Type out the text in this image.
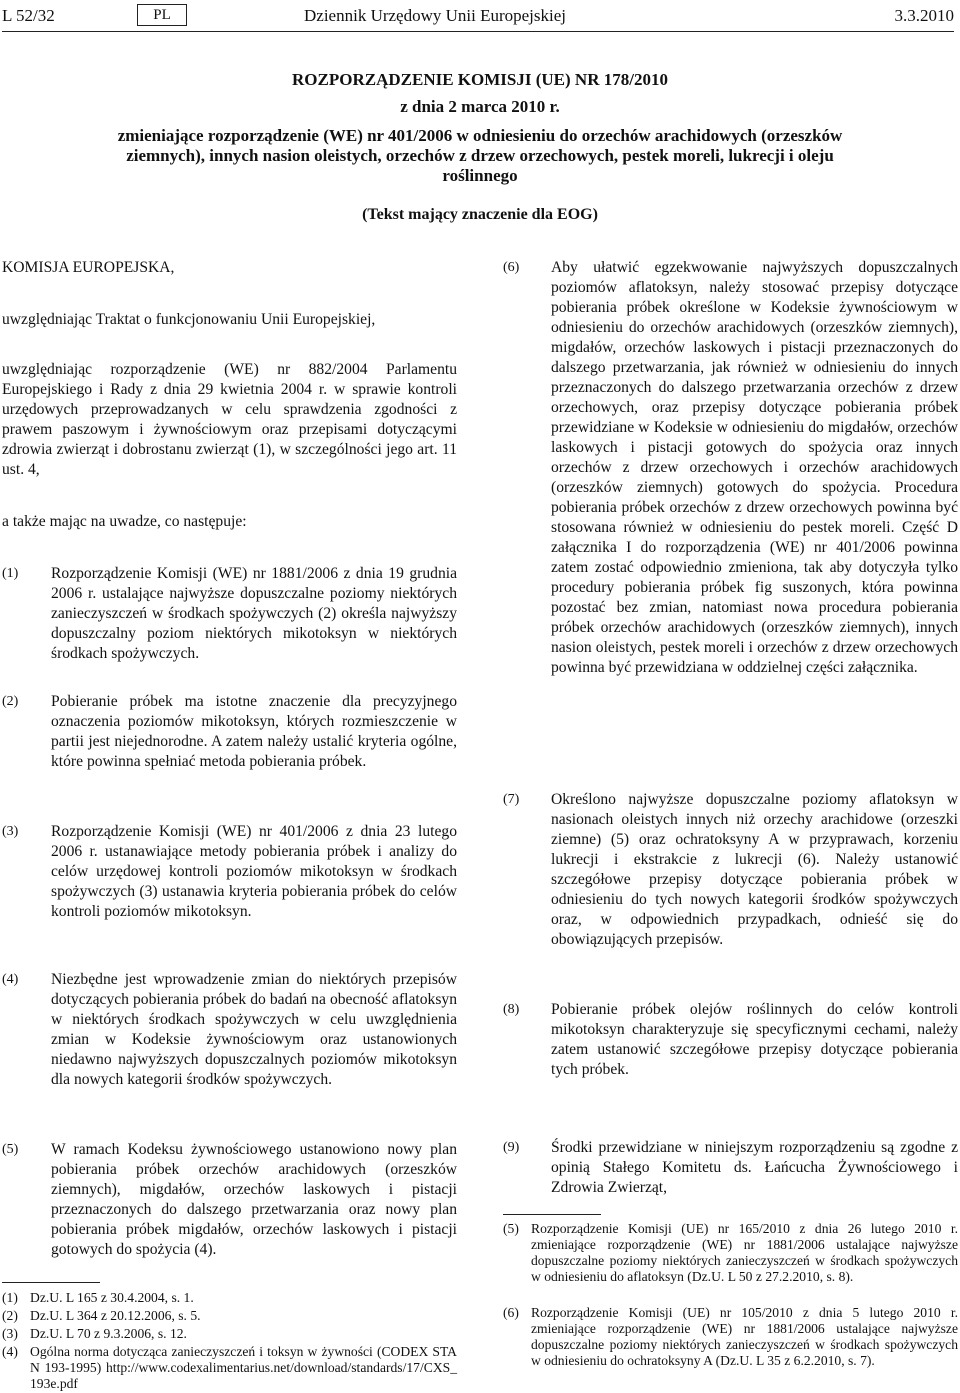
L 52/32	PL	Dziennik Urzędowy Unii Europejskiej	3.3.2010
ROZPORZĄDZENIE KOMISJI (UE) NR 178/2010
z dnia 2 marca 2010 r.
zmieniające rozporządzenie (WE) nr 401/2006 w odniesieniu do orzechów arachidowych (orzeszków ziemnych), innych nasion oleistych, orzechów z drzew orzechowych, pestek moreli, lukrecji i oleju roślinnego
(Tekst mający znaczenie dla EOG)

KOMISJA EUROPEJSKA,

uwzględniając Traktat o funkcjonowaniu Unii Europejskiej,

uwzględniając rozporządzenie (WE) nr 882/2004 Parlamentu Europejskiego i Rady z dnia 29 kwietnia 2004 r. w sprawie kontroli urzędowych przeprowadzanych w celu sprawdzenia zgodności z prawem paszowym i żywnościowym oraz przepisami dotyczącymi zdrowia zwierząt i dobrostanu zwierząt (1), w szczególności jego art. 11 ust. 4,

a także mając na uwadze, co następuje:

(1) Rozporządzenie Komisji (WE) nr 1881/2006 z dnia 19 grudnia 2006 r. ustalające najwyższe dopuszczalne poziomy niektórych zanieczyszczeń w środkach spożywczych (2) określa najwyższy dopuszczalny poziom niektórych mikotoksyn w niektórych środkach spożywczych.
(2) Pobieranie próbek ma istotne znaczenie dla precyzyjnego oznaczenia poziomów mikotoksyn, których rozmieszczenie w partii jest niejednorodne. A zatem należy ustalić kryteria ogólne, które powinna spełniać metoda pobierania próbek.
(3) Rozporządzenie Komisji (WE) nr 401/2006 z dnia 23 lutego 2006 r. ustanawiające metody pobierania próbek i analizy do celów urzędowej kontroli poziomów mikotoksyn w środkach spożywczych (3) ustanawia kryteria pobierania próbek do celów kontroli poziomów mikotoksyn.
(4) Niezbędne jest wprowadzenie zmian do niektórych przepisów dotyczących pobierania próbek do badań na obecność aflatoksyn w niektórych środkach spożywczych w celu uwzględnienia zmian w Kodeksie żywnościowym oraz ustanowionych niedawno najwyższych dopuszczalnych poziomów mikotoksyn dla nowych kategorii środków spożywczych.
(5) W ramach Kodeksu żywnościowego ustanowiono nowy plan pobierania próbek orzechów arachidowych (orzeszków ziemnych), migdałów, orzechów laskowych i pistacji przeznaczonych do dalszego przetwarzania oraz nowy plan pobierania próbek migdałów, orzechów laskowych i pistacji gotowych do spożycia (4).
(1) Dz.U. L 165 z 30.4.2004, s. 1.
(2) Dz.U. L 364 z 20.12.2006, s. 5.
(3) Dz.U. L 70 z 9.3.2006, s. 12.
(4) Ogólna norma dotycząca zanieczyszczeń i toksyn w żywności (CODEX STAN 193-1995) http://www.codexalimentarius.net/download/standards/17/CXS_193e.pdf
(6) Aby ułatwić egzekwowanie najwyższych dopuszczalnych poziomów aflatoksyn, należy stosować przepisy dotyczące pobierania próbek określone w Kodeksie żywnościowym w odniesieniu do orzechów arachidowych (orzeszków ziemnych), migdałów, orzechów laskowych i pistacji przeznaczonych do dalszego przetwarzania, jak również w odniesieniu do innych przeznaczonych do dalszego przetwarzania orzechów z drzew orzechowych, oraz przepisy dotyczące pobierania próbek przewidziane w Kodeksie w odniesieniu do migdałów, orzechów laskowych i pistacji gotowych do spożycia oraz innych orzechów z drzew orzechowych i orzechów arachidowych (orzeszków ziemnych) gotowych do spożycia. Procedura pobierania próbek orzechów z drzew orzechowych powinna być stosowana również w odniesieniu do pestek moreli. Część D załącznika I do rozporządzenia (WE) nr 401/2006 powinna zatem zostać odpowiednio zmieniona, tak aby dotyczyła tylko procedury pobierania próbek fig suszonych, która powinna pozostać bez zmian, natomiast nowa procedura pobierania próbek orzechów arachidowych (orzeszków ziemnych), innych nasion oleistych, pestek moreli i orzechów z drzew orzechowych powinna być przewidziana w oddzielnej części załącznika.
(7) Określono najwyższe dopuszczalne poziomy aflatoksyn w nasionach oleistych innych niż orzechy arachidowe (orzeszki ziemne) (5) oraz ochratoksyny A w przyprawach, korzeniu lukrecji i ekstrakcie z lukrecji (6). Należy ustanowić szczegółowe przepisy dotyczące pobierania próbek w odniesieniu do tych nowych kategorii środków spożywczych oraz, w odpowiednich przypadkach, odnieść się do obowiązujących przepisów.
(8) Pobieranie próbek olejów roślinnych do celów kontroli mikotoksyn charakteryzuje się specyficznymi cechami, należy zatem ustanowić szczegółowe przepisy dotyczące pobierania tych próbek.
(9) Środki przewidziane w niniejszym rozporządzeniu są zgodne z opinią Stałego Komitetu ds. Łańcucha Żywnościowego i Zdrowia Zwierząt,
(5) Rozporządzenie Komisji (UE) nr 165/2010 z dnia 26 lutego 2010 r. zmieniające rozporządzenie (WE) nr 1881/2006 ustalające najwyższe dopuszczalne poziomy niektórych zanieczyszczeń w środkach spożywczych w odniesieniu do aflatoksyn (Dz.U. L 50 z 27.2.2010, s. 8).
(6) Rozporządzenie Komisji (UE) nr 105/2010 z dnia 5 lutego 2010 r. zmieniające rozporządzenie (WE) nr 1881/2006 ustalające najwyższe dopuszczalne poziomy niektórych zanieczyszczeń w środkach spożywczych w odniesieniu do ochratoksyny A (Dz.U. L 35 z 6.2.2010, s. 7).
